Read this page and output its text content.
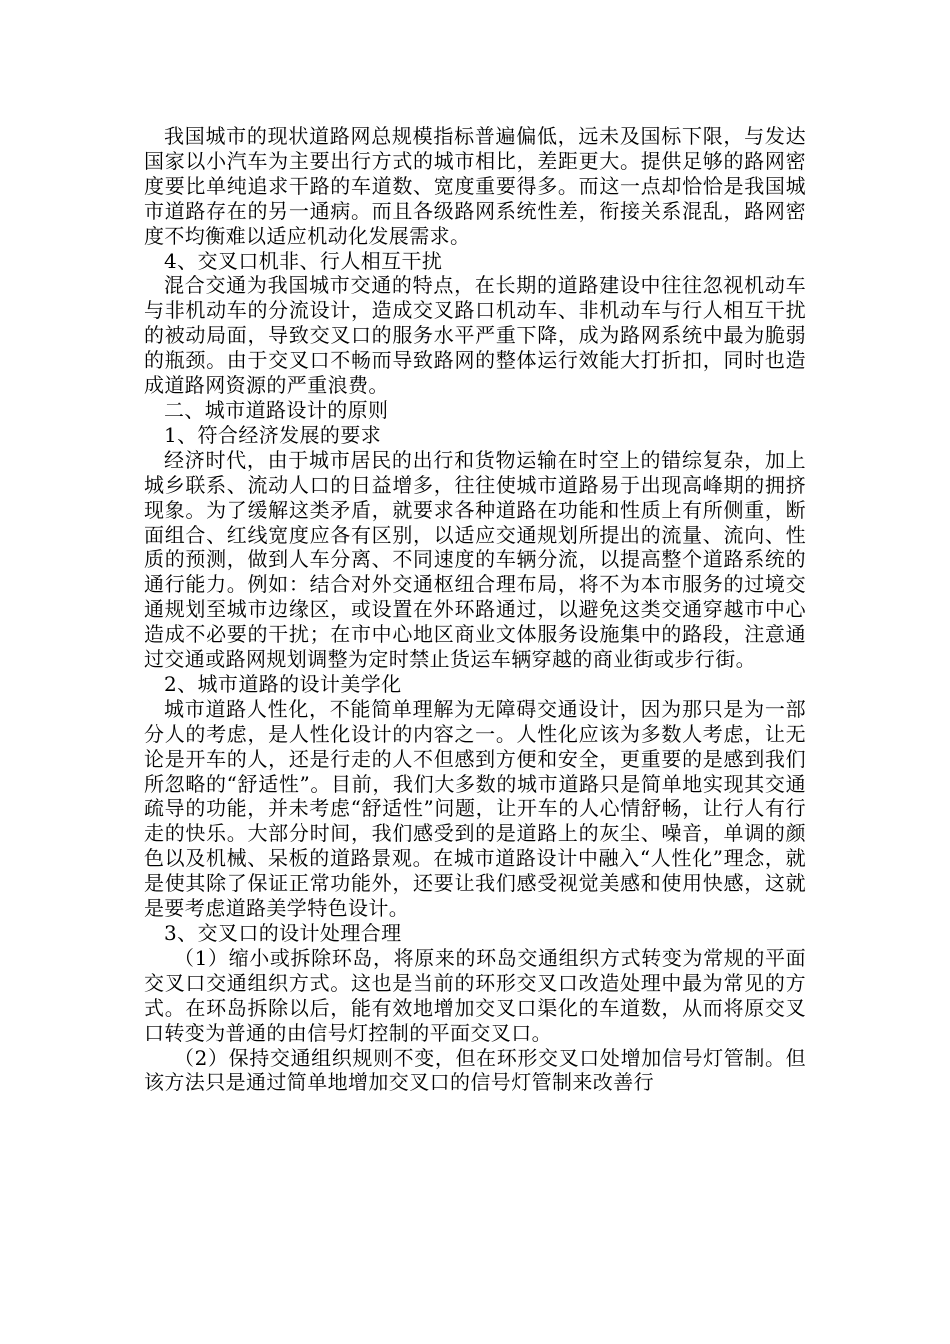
我国城市的现状道路网总规模指标普遍偏低，远未及国标下限，与发达国家以小汽车为主要出行方式的城市相比，差距更大。提供足够的路网密度要比单纯追求干路的车道数、宽度重要得多。而这一点却恰恰是我国城市道路存在的另一通病。而且各级路网系统性差，衔接关系混乱，路网密度不均衡难以适应机动化发展需求。

4、交叉口机非、行人相互干扰

混合交通为我国城市交通的特点，在长期的道路建设中往往忽视机动车与非机动车的分流设计，造成交叉路口机动车、非机动车与行人相互干扰的被动局面，导致交叉口的服务水平严重下降，成为路网系统中最为脆弱的瓶颈。由于交叉口不畅而导致路网的整体运行效能大打折扣，同时也造成道路网资源的严重浪费。

二、城市道路设计的原则

1、符合经济发展的要求

经济时代，由于城市居民的出行和货物运输在时空上的错综复杂，加上城乡联系、流动人口的日益增多，往往使城市道路易于出现高峰期的拥挤现象。为了缓解这类矛盾，就要求各种道路在功能和性质上有所侧重，断面组合、红线宽度应各有区别，以适应交通规划所提出的流量、流向、性质的预测，做到人车分离、不同速度的车辆分流，以提高整个道路系统的通行能力。例如：结合对外交通枢纽合理布局，将不为本市服务的过境交通规划至城市边缘区，或设置在外环路通过，以避免这类交通穿越市中心造成不必要的干扰；在市中心地区商业文体服务设施集中的路段，注意通过交通或路网规划调整为定时禁止货运车辆穿越的商业街或步行街。

2、城市道路的设计美学化

城市道路人性化，不能简单理解为无障碍交通设计，因为那只是为一部分人的考虑，是人性化设计的内容之一。人性化应该为多数人考虑，让无论是开车的人，还是行走的人不但感到方便和安全，更重要的是感到我们所忽略的“舒适性”。目前，我们大多数的城市道路只是简单地实现其交通疏导的功能，并未考虑“舒适性”问题，让开车的人心情舒畅，让行人有行走的快乐。大部分时间，我们感受到的是道路上的灰尘、噪音，单调的颜色以及机械、呆板的道路景观。在城市道路设计中融入“人性化”理念，就是使其除了保证正常功能外，还要让我们感受视觉美感和使用快感，这就是要考虑道路美学特色设计。

3、交叉口的设计处理合理

（1）缩小或拆除环岛，将原来的环岛交通组织方式转变为常规的平面交叉口交通组织方式。这也是当前的环形交叉口改造处理中最为常见的方式。在环岛拆除以后，能有效地增加交叉口渠化的车道数，从而将原交叉口转变为普通的由信号灯控制的平面交叉口。

（2）保持交通组织规则不变，但在环形交叉口处增加信号灯管制。但该方法只是通过简单地增加交叉口的信号灯管制来改善行
